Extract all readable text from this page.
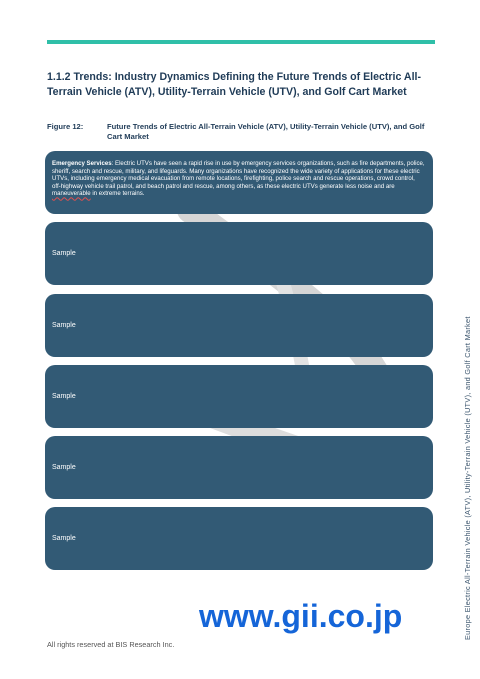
1.1.2 Trends: Industry Dynamics Defining the Future Trends of Electric All-Terrain Vehicle (ATV), Utility-Terrain Vehicle (UTV), and Golf Cart Market
Figure 12:	Future Trends of Electric All-Terrain Vehicle (ATV), Utility-Terrain Vehicle (UTV), and Golf Cart Market
Emergency Services: Electric UTVs have seen a rapid rise in use by emergency services organizations, such as fire departments, police, sheriff, search and rescue, military, and lifeguards. Many organizations have recognized the wide variety of applications for these electric UTVs, including emergency medical evacuation from remote locations, firefighting, police search and rescue operations, crowd control, off-highway vehicle trail patrol, and beach patrol and rescue, among others, as these electric UTVs generate less noise and are maneuverable in extreme terrains.
Sample
Sample
Sample
Sample
Sample
www.gii.co.jp
All rights reserved at BIS Research Inc.
Europe Electric All-Terrain Vehicle (ATV), Utility-Terrain Vehicle (UTV), and Golf Cart Market
